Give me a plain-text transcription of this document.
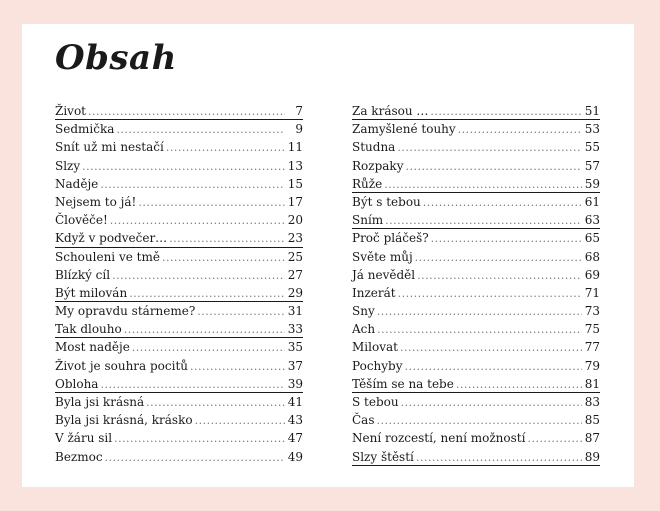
Obsah
Život . . .	7
Sedmička . . .	9
Snít už mi nestačí . . .	11
Slzy . . .	13
Naděje . . .	15
Nejsem to já! . . .	17
Člověče! . . .	20
Když v podvečer… . . .	23
Schouleni ve tmě . . .	25
Blízký cíl . . .	27
Být milován . . .	29
My opravdu stárneme? . . .	31
Tak dlouho . . .	33
Most naděje . . .	35
Život je souhra pocitů . . .	37
Obloha . . .	39
Byla jsi krásná . . .	41
Byla jsi krásná, krásko . . .	43
V žáru sil . . .	47
Bezmoc . . .	49
Za krásou … . . .	51
Zamyšlené touhy . . .	53
Studna . . .	55
Rozpaky . . .	57
Růže . . .	59
Být s tebou . . .	61
Sním . . .	63
Proč pláčeš? . . .	65
Světe můj . . .	68
Já nevěděl . . .	69
Inzerát . . .	71
Sny . . .	73
Ach . . .	75
Milovat . . .	77
Pochyby . . .	79
Těším se na tebe . . .	81
S tebou . . .	83
Čas . . .	85
Není rozcestí, není možností . . .	87
Slzy štěstí . . .	89
